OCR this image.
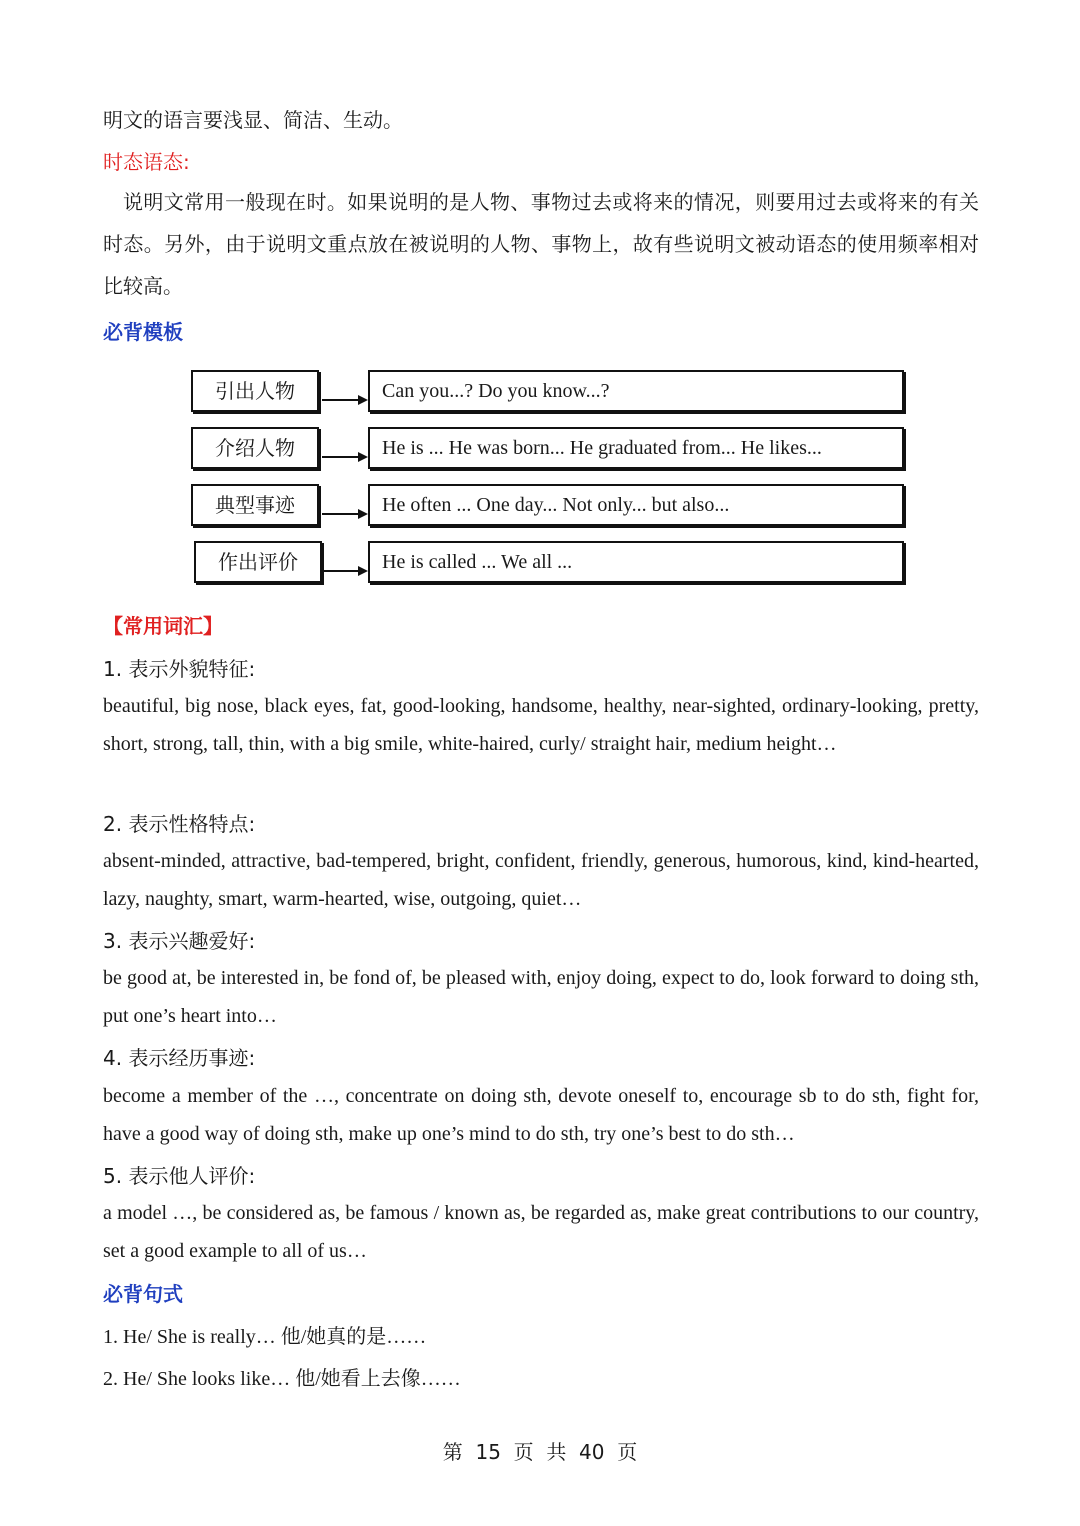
明文的语言要浅显、简洁、生动。
时态语态:
说明文常用一般现在时。如果说明的是人物、事物过去或将来的情况，则要用过去或将来的有关时态。另外，由于说明文重点放在被说明的人物、事物上，故有些说明文被动语态的使用频率相对比较高。
必背模板
引出人物	Can you...? Do you know...?
介绍人物	He is ... He was born... He graduated from... He likes...
典型事迹	He often ... One day... Not only... but also...
作出评价	He is called ... We all ...
【常用词汇】
1. 表示外貌特征:
beautiful, big nose, black eyes, fat, good-looking, handsome, healthy, near-sighted, ordinary-looking, pretty, short, strong, tall, thin, with a big smile, white-haired, curly/ straight hair, medium height…
2. 表示性格特点:
absent-minded, attractive, bad-tempered, bright, confident, friendly, generous, humorous, kind, kind-hearted, lazy, naughty, smart, warm-hearted, wise, outgoing, quiet…
3. 表示兴趣爱好:
be good at, be interested in, be fond of, be pleased with, enjoy doing, expect to do, look forward to doing sth, put one’s heart into…
4. 表示经历事迹:
become a member of the …, concentrate on doing sth, devote oneself to, encourage sb to do sth, fight for, have a good way of doing sth, make up one’s mind to do sth, try one’s best to do sth…
5. 表示他人评价:
a model …, be considered as, be famous / known as, be regarded as, make great contributions to our country, set a good example to all of us…
必背句式
1. He/ She is really… 他/她真的是……
2. He/ She looks like… 他/她看上去像……
第  15  页  共  40  页
